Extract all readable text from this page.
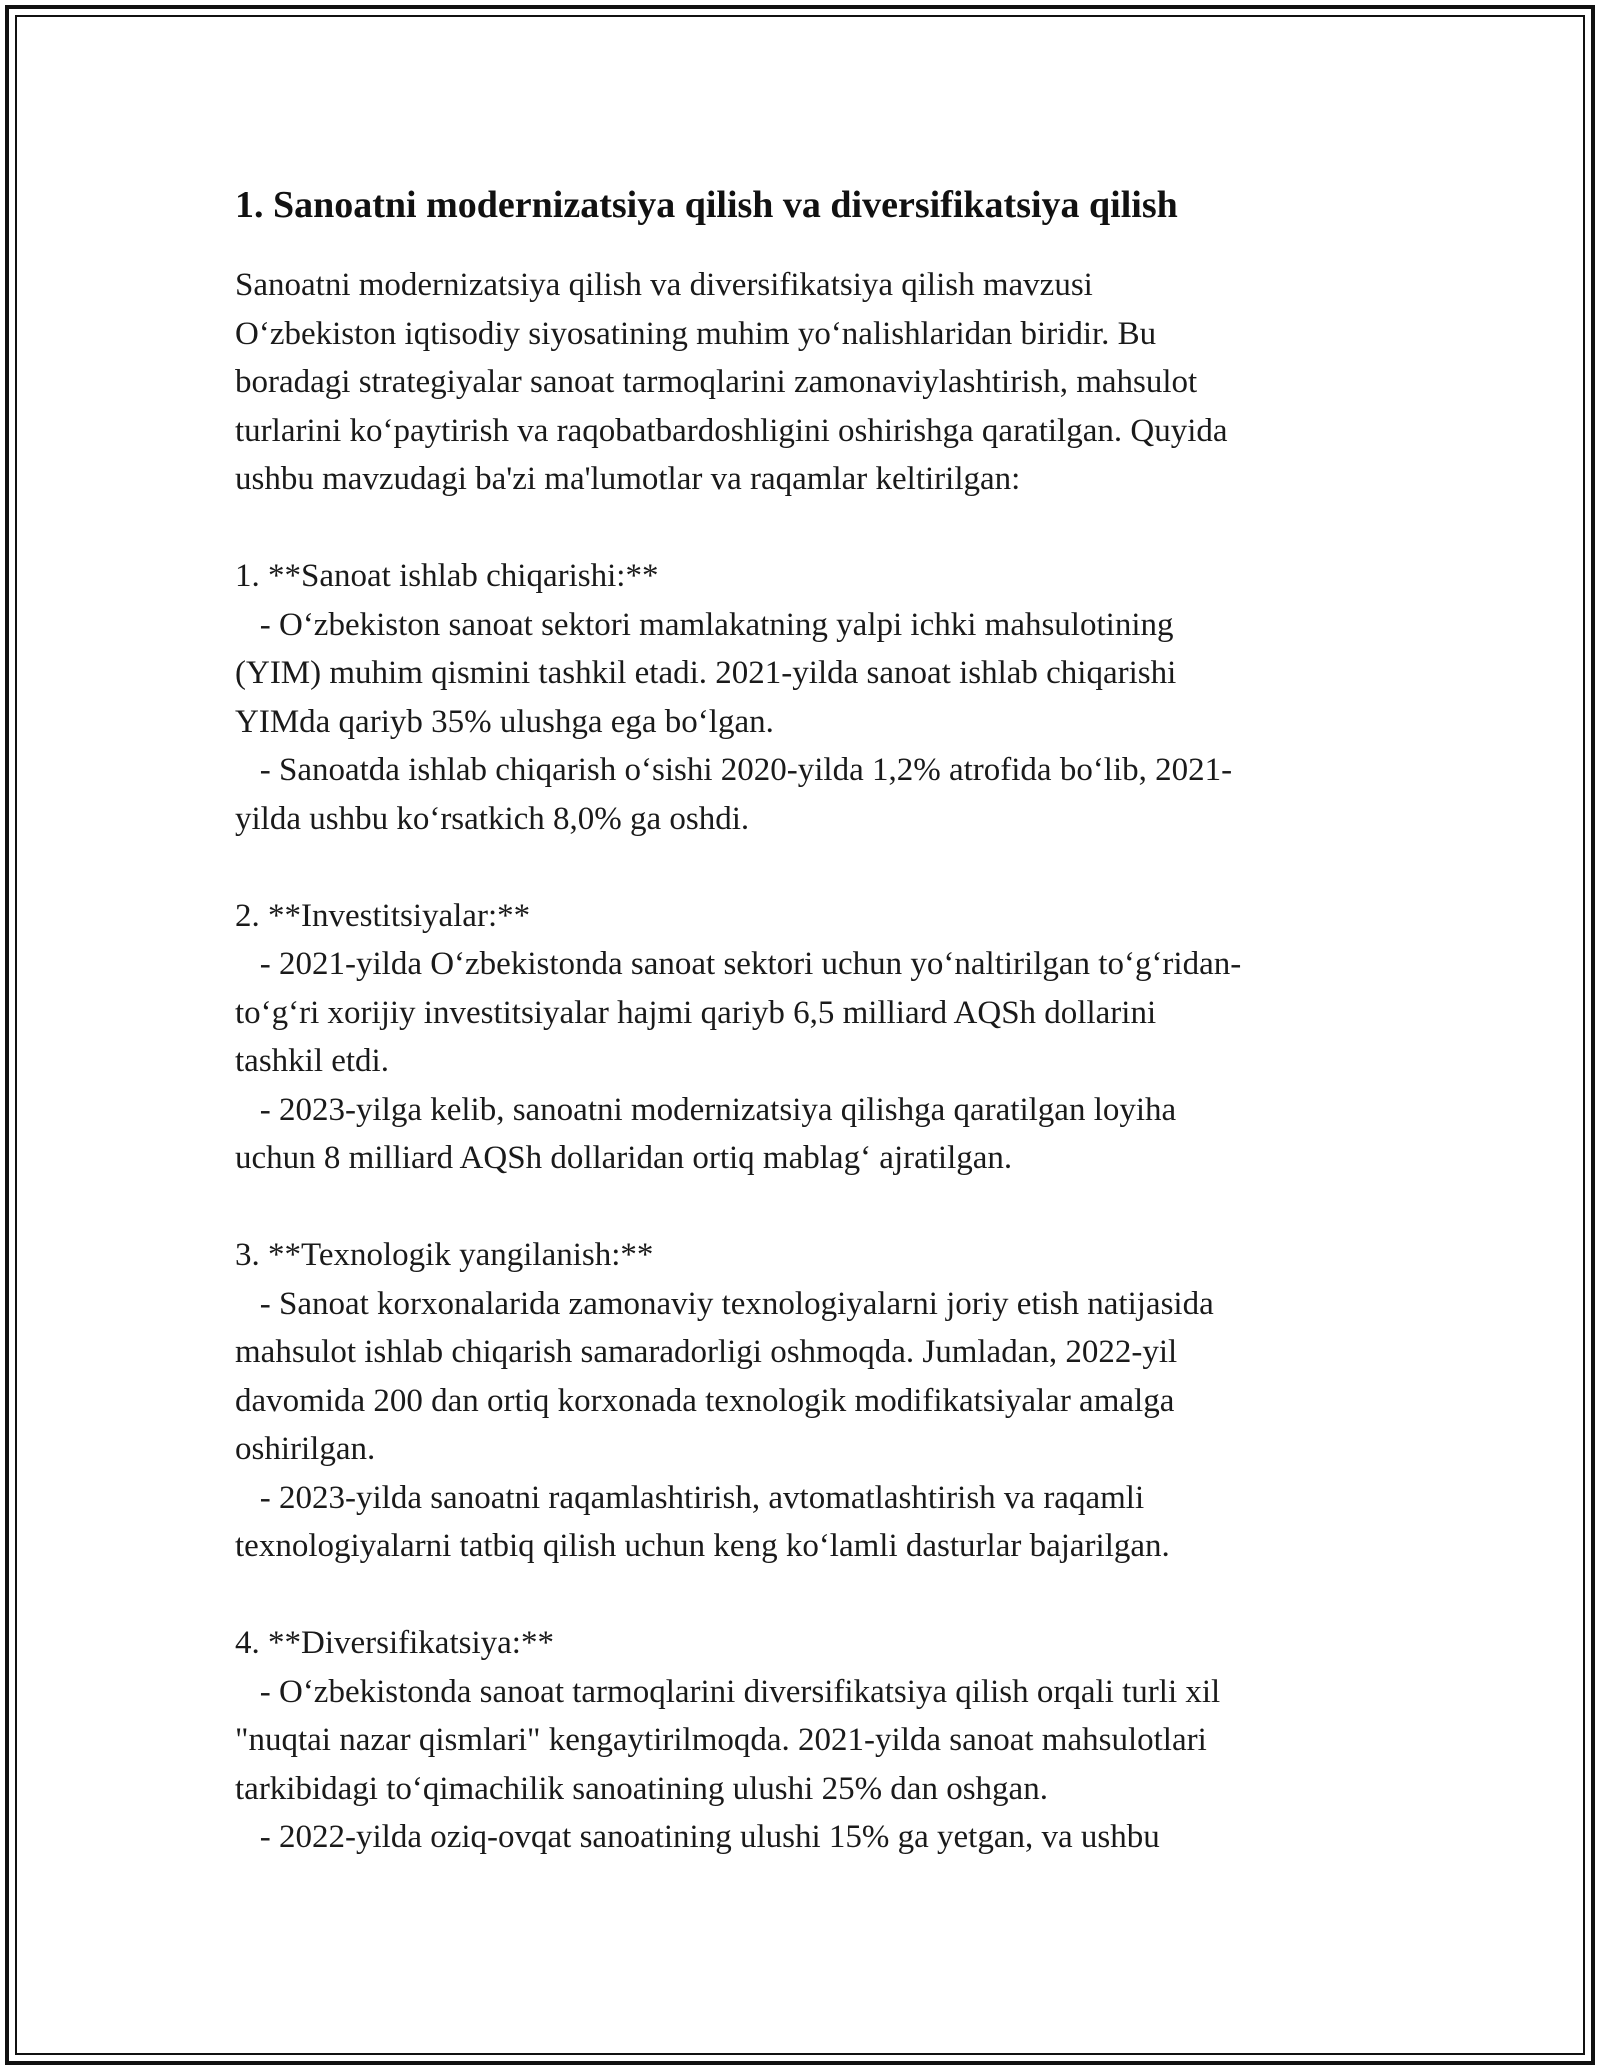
1. Sanoatni modernizatsiya qilish va diversifikatsiya qilish

Sanoatni modernizatsiya qilish va diversifikatsiya qilish mavzusi
Oʻzbekiston iqtisodiy siyosatining muhim yoʻnalishlaridan biridir. Bu
boradagi strategiyalar sanoat tarmoqlarini zamonaviylashtirish, mahsulot
turlarini koʻpaytirish va raqobatbardoshligini oshirishga qaratilgan. Quyida
ushbu mavzudagi ba'zi ma'lumotlar va raqamlar keltirilgan:

1. **Sanoat ishlab chiqarishi:**
- Oʻzbekiston sanoat sektori mamlakatning yalpi ichki mahsulotining
(YIM) muhim qismini tashkil etadi. 2021-yilda sanoat ishlab chiqarishi
YIMda qariyb 35% ulushga ega boʻlgan.
- Sanoatda ishlab chiqarish oʻsishi 2020-yilda 1,2% atrofida boʻlib, 2021-
yilda ushbu koʻrsatkich 8,0% ga oshdi.

2. **Investitsiyalar:**
- 2021-yilda Oʻzbekistonda sanoat sektori uchun yoʻnaltirilgan toʻgʻridan-
toʻgʻri xorijiy investitsiyalar hajmi qariyb 6,5 milliard AQSh dollarini
tashkil etdi.
- 2023-yilga kelib, sanoatni modernizatsiya qilishga qaratilgan loyiha
uchun 8 milliard AQSh dollaridan ortiq mablagʻ ajratilgan.

3. **Texnologik yangilanish:**
- Sanoat korxonalarida zamonaviy texnologiyalarni joriy etish natijasida
mahsulot ishlab chiqarish samaradorligi oshmoqda. Jumladan, 2022-yil
davomida 200 dan ortiq korxonada texnologik modifikatsiyalar amalga
oshirilgan.
- 2023-yilda sanoatni raqamlashtirish, avtomatlashtirish va raqamli
texnologiyalarni tatbiq qilish uchun keng koʻlamli dasturlar bajarilgan.

4. **Diversifikatsiya:**
- Oʻzbekistonda sanoat tarmoqlarini diversifikatsiya qilish orqali turli xil
"nuqtai nazar qismlari" kengaytirilmoqda. 2021-yilda sanoat mahsulotlari
tarkibidagi toʻqimachilik sanoatining ulushi 25% dan oshgan.
- 2022-yilda oziq-ovqat sanoatining ulushi 15% ga yetgan, va ushbu
